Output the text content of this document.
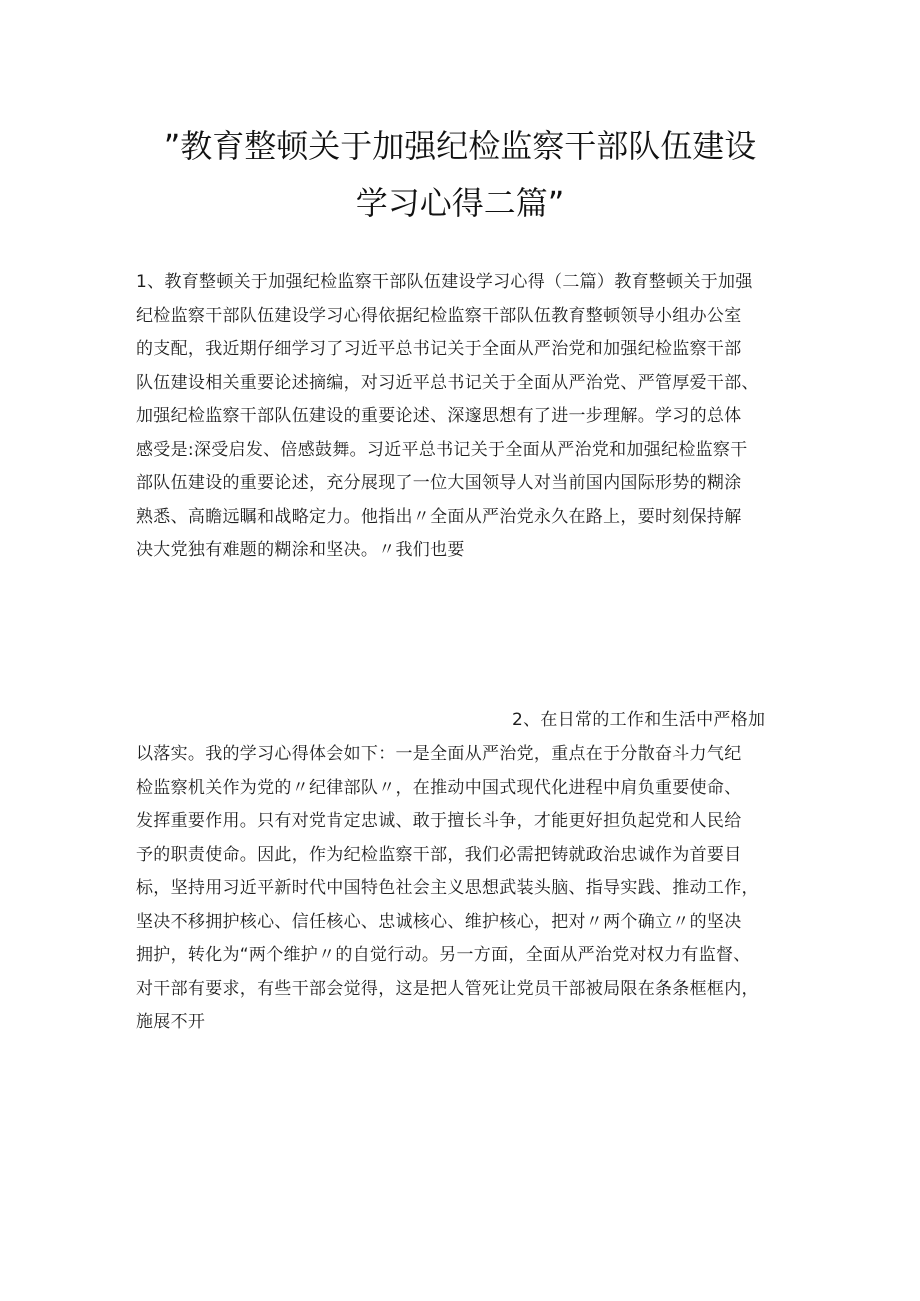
”教育整顿关于加强纪检监察干部队伍建设
学习心得二篇”
1、教育整顿关于加强纪检监察干部队伍建设学习心得（二篇）教育整顿关于加强
纪检监察干部队伍建设学习心得依据纪检监察干部队伍教育整顿领导小组办公室
的支配，我近期仔细学习了习近平总书记关于全面从严治党和加强纪检监察干部
队伍建设相关重要论述摘编，对习近平总书记关于全面从严治党、严管厚爱干部、
加强纪检监察干部队伍建设的重要论述、深邃思想有了进一步理解。学习的总体
感受是:深受启发、倍感鼓舞。习近平总书记关于全面从严治党和加强纪检监察干
部队伍建设的重要论述，充分展现了一位大国领导人对当前国内国际形势的糊涂
熟悉、高瞻远瞩和战略定力。他指出〃全面从严治党永久在路上，要时刻保持解
决大党独有难题的糊涂和坚决。〃我们也要
2、在日常的工作和生活中严格加
以落实。我的学习心得体会如下：一是全面从严治党，重点在于分散奋斗力气纪
检监察机关作为党的〃纪律部队〃，在推动中国式现代化进程中肩负重要使命、
发挥重要作用。只有对党肯定忠诚、敢于擅长斗争，才能更好担负起党和人民给
予的职责使命。因此，作为纪检监察干部，我们必需把铸就政治忠诚作为首要目
标，坚持用习近平新时代中国特色社会主义思想武装头脑、指导实践、推动工作，
坚决不移拥护核心、信任核心、忠诚核心、维护核心，把对〃两个确立〃的坚决
拥护，转化为“两个维护〃的自觉行动。另一方面，全面从严治党对权力有监督、
对干部有要求，有些干部会觉得，这是把人管死让党员干部被局限在条条框框内，
施展不开
